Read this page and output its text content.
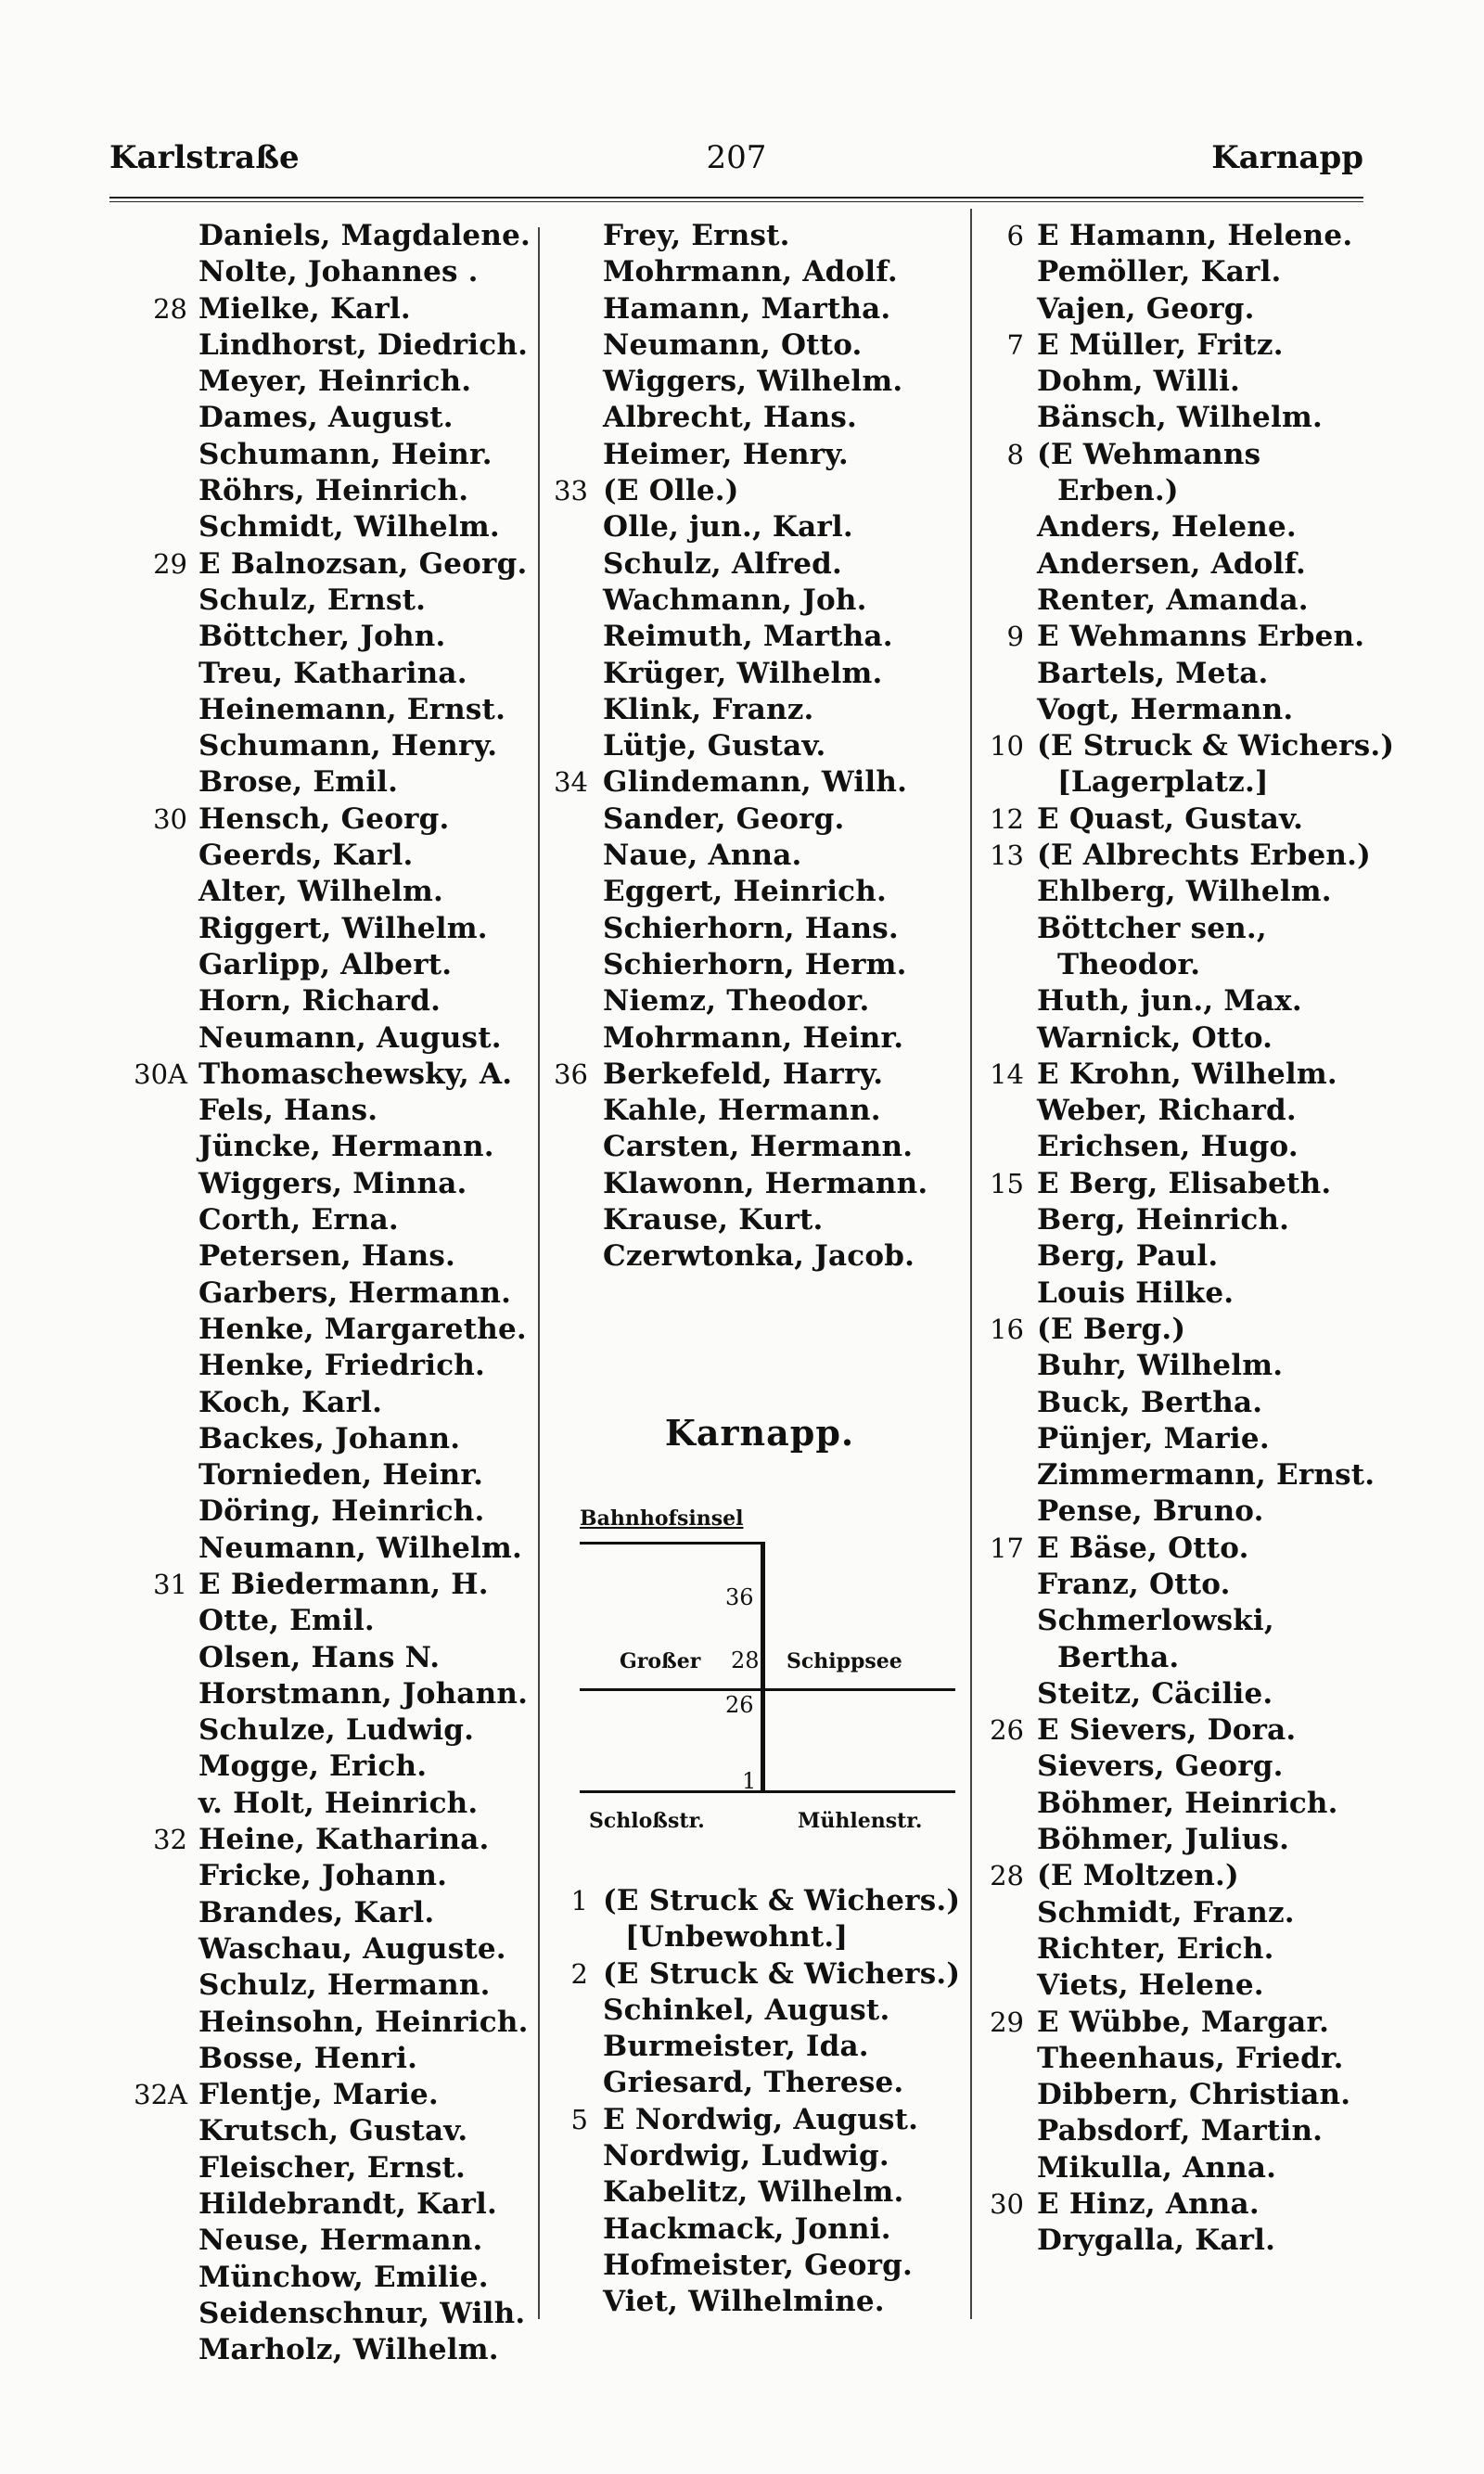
207
Karlstraße	Karnapp
Daniels, Magdalene.
Nolte, Johannes .
28 Mielke, Karl.
Lindhorst, Diedrich.
Meyer, Heinrich.
Dames, August.
Schumann, Heinr.
Röhrs, Heinrich.
Schmidt, Wilhelm.
29 E Balnozsan, Georg.
Schulz, Ernst.
Böttcher, John.
Treu, Katharina.
Heinemann, Ernst.
Schumann, Henry.
Brose, Emil.
30 Hensch, Georg.
Geerds, Karl.
Alter, Wilhelm.
Riggert, Wilhelm.
Garlipp, Albert.
Horn, Richard.
Neumann, August.
30A Thomaschewsky, A.
Fels, Hans.
Jüncke, Hermann.
Wiggers, Minna.
Corth, Erna.
Petersen, Hans.
Garbers, Hermann.
Henke, Margarethe.
Henke, Friedrich.
Koch, Karl.
Backes, Johann.
Tornieden, Heinr.
Döring, Heinrich.
Neumann, Wilhelm.
31 E Biedermann, H.
Otte, Emil.
Olsen, Hans N.
Horstmann, Johann.
Schulze, Ludwig.
Mogge, Erich.
v. Holt, Heinrich.
32 Heine, Katharina.
Fricke, Johann.
Brandes, Karl.
Waschau, Auguste.
Schulz, Hermann.
Heinsohn, Heinrich.
Bosse, Henri.
32A Flentje, Marie.
Krutsch, Gustav.
Fleischer, Ernst.
Hildebrandt, Karl.
Neuse, Hermann.
Münchow, Emilie.
Seidenschnur, Wilh.
Marholz, Wilhelm.
Frey, Ernst.
Mohrmann, Adolf.
Hamann, Martha.
Neumann, Otto.
Wiggers, Wilhelm.
Albrecht, Hans.
Heimer, Henry.
33 (E Olle.)
Olle, jun., Karl.
Schulz, Alfred.
Wachmann, Joh.
Reimuth, Martha.
Krüger, Wilhelm.
Klink, Franz.
Lütje, Gustav.
34 Glindemann, Wilh.
Sander, Georg.
Naue, Anna.
Eggert, Heinrich.
Schierhorn, Hans.
Schierhorn, Herm.
Niemz, Theodor.
Mohrmann, Heinr.
36 Berkefeld, Harry.
Kahle, Hermann.
Carsten, Hermann.
Klawonn, Hermann.
Krause, Kurt.
Czerwtonka, Jacob.
Karnapp.
Bahnhofsinsel
36
Großer 28 Schippsee
26
1
Schloßstr.	Mühlenstr.
1 (E Struck & Wichers.)
[Unbewohnt.]
2 (E Struck & Wichers.)
Schinkel, August.
Burmeister, Ida.
Griesard, Therese.
5 E Nordwig, August.
Nordwig, Ludwig.
Kabelitz, Wilhelm.
Hackmack, Jonni.
Hofmeister, Georg.
Viet, Wilhelmine.
6 E Hamann, Helene.
Pemöller, Karl.
Vajen, Georg.
7 E Müller, Fritz.
Dohm, Willi.
Bänsch, Wilhelm.
8 (E Wehmanns
Erben.)
Anders, Helene.
Andersen, Adolf.
Renter, Amanda.
9 E Wehmanns Erben.
Bartels, Meta.
Vogt, Hermann.
10 (E Struck & Wichers.)
[Lagerplatz.]
12 E Quast, Gustav.
13 (E Albrechts Erben.)
Ehlberg, Wilhelm.
Böttcher sen.,
Theodor.
Huth, jun., Max.
Warnick, Otto.
14 E Krohn, Wilhelm.
Weber, Richard.
Erichsen, Hugo.
15 E Berg, Elisabeth.
Berg, Heinrich.
Berg, Paul.
Louis Hilke.
16 (E Berg.)
Buhr, Wilhelm.
Buck, Bertha.
Pünjer, Marie.
Zimmermann, Ernst.
Pense, Bruno.
17 E Bäse, Otto.
Franz, Otto.
Schmerlowski,
Bertha.
Steitz, Cäcilie.
26 E Sievers, Dora.
Sievers, Georg.
Böhmer, Heinrich.
Böhmer, Julius.
28 (E Moltzen.)
Schmidt, Franz.
Richter, Erich.
Viets, Helene.
29 E Wübbe, Margar.
Theenhaus, Friedr.
Dibbern, Christian.
Pabsdorf, Martin.
Mikulla, Anna.
30 E Hinz, Anna.
Drygalla, Karl.
